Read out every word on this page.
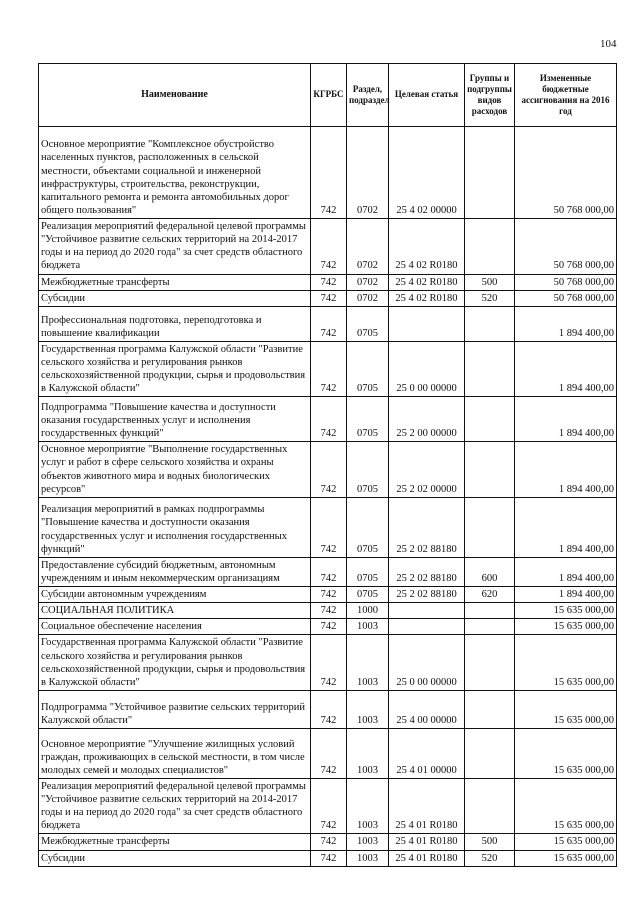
104
Наименование	КГРБС	Раздел, подраздел	Целевая статья	Группы и подгруппы видов расходов	Измененные бюджетные ассигнования на 2016 год
Основное мероприятие "Комплексное обустройство населенных пунктов, расположенных в сельской местности, объектами социальной и инженерной инфраструктуры, строительства, реконструкции, капитального ремонта и ремонта автомобильных дорог общего пользования"	742	0702	25 4 02 00000		50 768 000,00
Реализация мероприятий федеральной целевой программы "Устойчивое развитие сельских территорий на 2014-2017 годы и на период до 2020 года" за счет средств областного бюджета	742	0702	25 4 02 R0180		50 768 000,00
Межбюджетные трансферты	742	0702	25 4 02 R0180	500	50 768 000,00
Субсидии	742	0702	25 4 02 R0180	520	50 768 000,00
Профессиональная подготовка, переподготовка и повышение квалификации	742	0705			1 894 400,00
Государственная программа Калужской области "Развитие сельского хозяйства и регулирования рынков сельскохозяйственной продукции, сырья и продовольствия в Калужской области"	742	0705	25 0 00 00000		1 894 400,00
Подпрограмма "Повышение качества и доступности оказания государственных услуг и исполнения государственных функций"	742	0705	25 2 00 00000		1 894 400,00
Основное мероприятие "Выполнение государственных услуг и работ в сфере сельского хозяйства и охраны объектов животного мира и водных биологических ресурсов"	742	0705	25 2 02 00000		1 894 400,00
Реализация мероприятий в рамках подпрограммы "Повышение качества и доступности оказания государственных услуг и исполнения государственных функций"	742	0705	25 2 02 88180		1 894 400,00
Предоставление субсидий бюджетным, автономным учреждениям и иным некоммерческим организациям	742	0705	25 2 02 88180	600	1 894 400,00
Субсидии автономным учреждениям	742	0705	25 2 02 88180	620	1 894 400,00
СОЦИАЛЬНАЯ ПОЛИТИКА	742	1000			15 635 000,00
Социальное обеспечение населения	742	1003			15 635 000,00
Государственная программа Калужской области "Развитие сельского хозяйства и регулирования рынков сельскохозяйственной продукции, сырья и продовольствия в Калужской области"	742	1003	25 0 00 00000		15 635 000,00
Подпрограмма "Устойчивое развитие сельских территорий Калужской области"	742	1003	25 4 00 00000		15 635 000,00
Основное мероприятие "Улучшение жилищных условий граждан, проживающих в сельской местности, в том числе молодых семей и молодых специалистов"	742	1003	25 4 01 00000		15 635 000,00
Реализация мероприятий федеральной целевой программы "Устойчивое развитие сельских территорий на 2014-2017 годы и на период до 2020 года" за счет средств областного бюджета	742	1003	25 4 01 R0180		15 635 000,00
Межбюджетные трансферты	742	1003	25 4 01 R0180	500	15 635 000,00
Субсидии	742	1003	25 4 01 R0180	520	15 635 000,00
